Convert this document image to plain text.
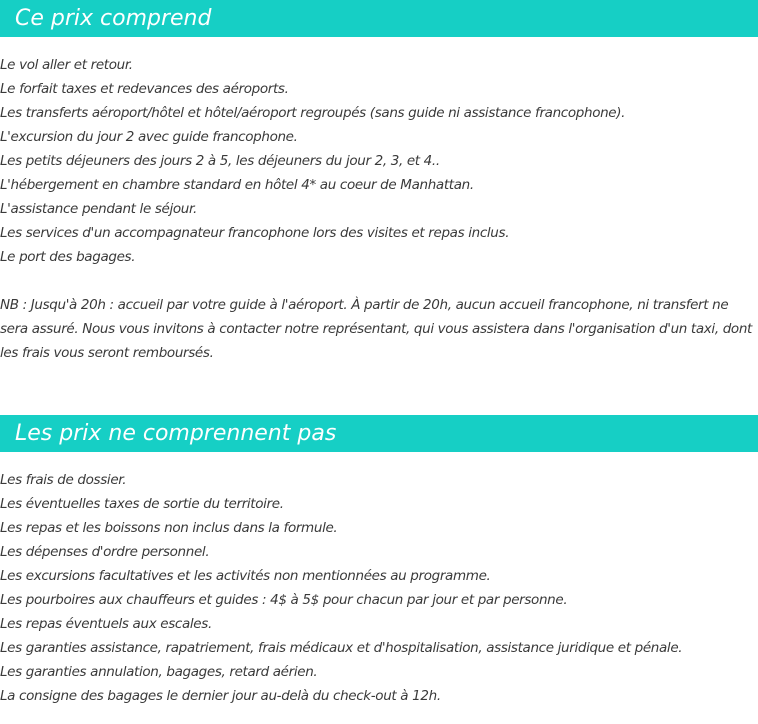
Ce prix comprend
Le vol aller et retour.
Le forfait taxes et redevances des aéroports.
Les transferts aéroport/hôtel et hôtel/aéroport regroupés (sans guide ni assistance francophone).
L'excursion du jour 2 avec guide francophone.
Les petits déjeuners des jours 2 à 5, les déjeuners du jour 2, 3, et 4..
L'hébergement en chambre standard en hôtel 4* au coeur de Manhattan.
L'assistance pendant le séjour.
Les services d'un accompagnateur francophone lors des visites et repas inclus.
Le port des bagages.

NB : Jusqu'à 20h : accueil par votre guide à l'aéroport. À partir de 20h, aucun accueil francophone, ni transfert ne sera assuré. Nous vous invitons à contacter notre représentant, qui vous assistera dans l'organisation d'un taxi, dont les frais vous seront remboursés.

Les prix ne comprennent pas
Les frais de dossier.
Les éventuelles taxes de sortie du territoire.
Les repas et les boissons non inclus dans la formule.
Les dépenses d'ordre personnel.
Les excursions facultatives et les activités non mentionnées au programme.
Les pourboires aux chauffeurs et guides : 4$ à 5$ pour chacun par jour et par personne.
Les repas éventuels aux escales.
Les garanties assistance, rapatriement, frais médicaux et d'hospitalisation, assistance juridique et pénale.
Les garanties annulation, bagages, retard aérien.
La consigne des bagages le dernier jour au-delà du check-out à 12h.
